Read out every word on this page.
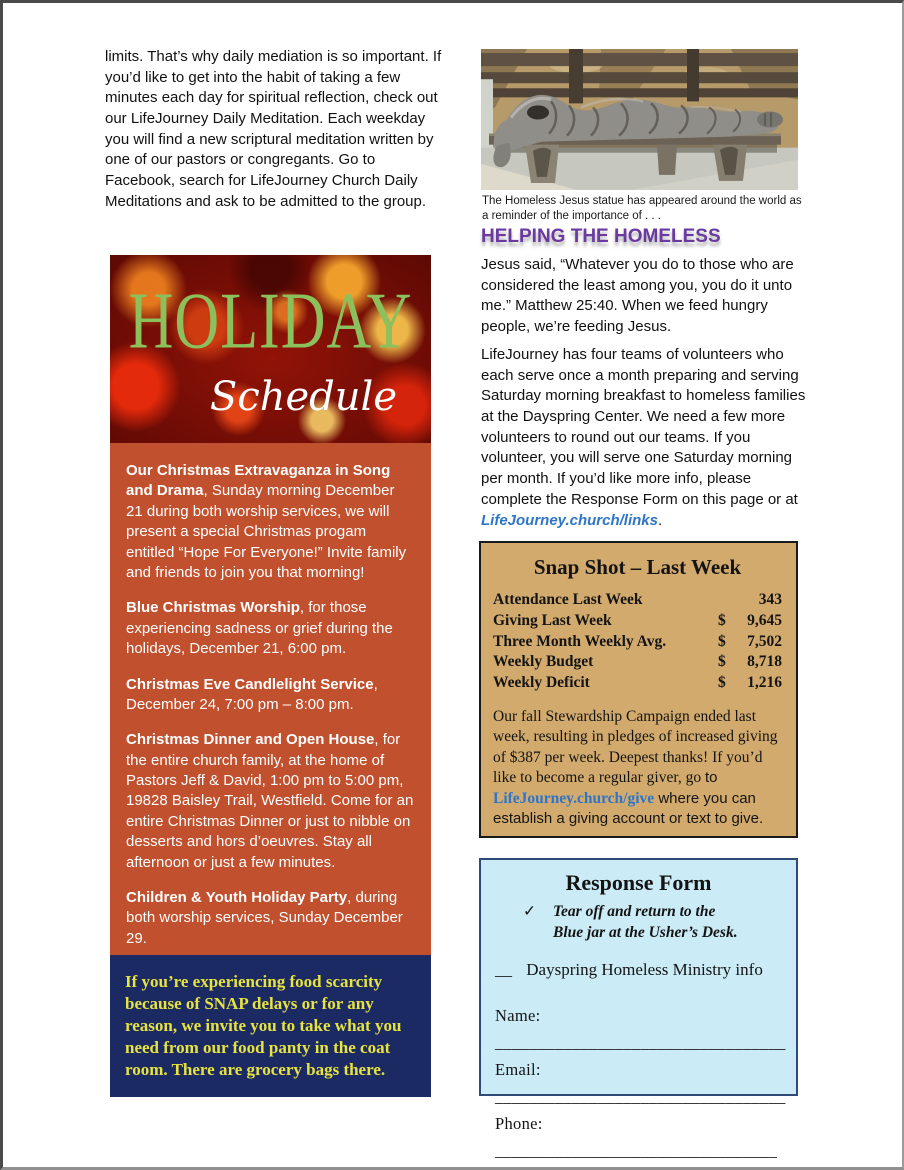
limits. That’s why daily mediation is so important. If you’d like to get into the habit of taking a few minutes each day for spiritual reflection, check out our LifeJourney Daily Meditation. Each weekday you will find a new scriptural meditation written by one of our pastors or congregants. Go to Facebook, search for LifeJourney Church Daily Meditations and ask to be admitted to the group.

HOLIDAY
Schedule

Our Christmas Extravaganza in Song and Drama, Sunday morning December 21 during both worship services, we will present a special Christmas progam entitled “Hope For Everyone!” Invite family and friends to join you that morning!

Blue Christmas Worship, for those experiencing sadness or grief during the holidays, December 21, 6:00 pm.

Christmas Eve Candlelight Service, December 24, 7:00 pm – 8:00 pm.

Christmas Dinner and Open House, for the entire church family, at the home of Pastors Jeff & David, 1:00 pm to 5:00 pm, 19828 Baisley Trail, Westfield. Come for an entire Christmas Dinner or just to nibble on desserts and hors d’oeuvres. Stay all afternoon or just a few minutes.

Children & Youth Holiday Party, during both worship services, Sunday December 29.

If you’re experiencing food scarcity because of SNAP delays or for any reason, we invite you to take what you need from our food panty in the coat room. There are grocery bags there.

The Homeless Jesus statue has appeared around the world as a reminder of the importance of . . .

HELPING THE HOMELESS

Jesus said, “Whatever you do to those who are considered the least among you, you do it unto me.” Matthew 25:40. When we feed hungry people, we’re feeding Jesus.

LifeJourney has four teams of volunteers who each serve once a month preparing and serving Saturday morning breakfast to homeless families at the Dayspring Center. We need a few more volunteers to round out our teams. If you volunteer, you will serve one Saturday morning per month. If you’d like more info, please complete the Response Form on this page or at LifeJourney.church/links.

Snap Shot – Last Week
Attendance Last Week	343
Giving Last Week	$	9,645
Three Month Weekly Avg.	$	7,502
Weekly Budget	$	8,718
Weekly Deficit	$	1,216

Our fall Stewardship Campaign ended last week, resulting in pledges of increased giving of $387 per week. Deepest thanks! If you’d like to become a regular giver, go to LifeJourney.church/give where you can establish a giving account or text to give.

Response Form
✓	Tear off and return to the
Blue jar at the Usher’s Desk.
__ Dayspring Homeless Ministry info
Name: __________________________________
Email: __________________________________
Phone: _________________________________
